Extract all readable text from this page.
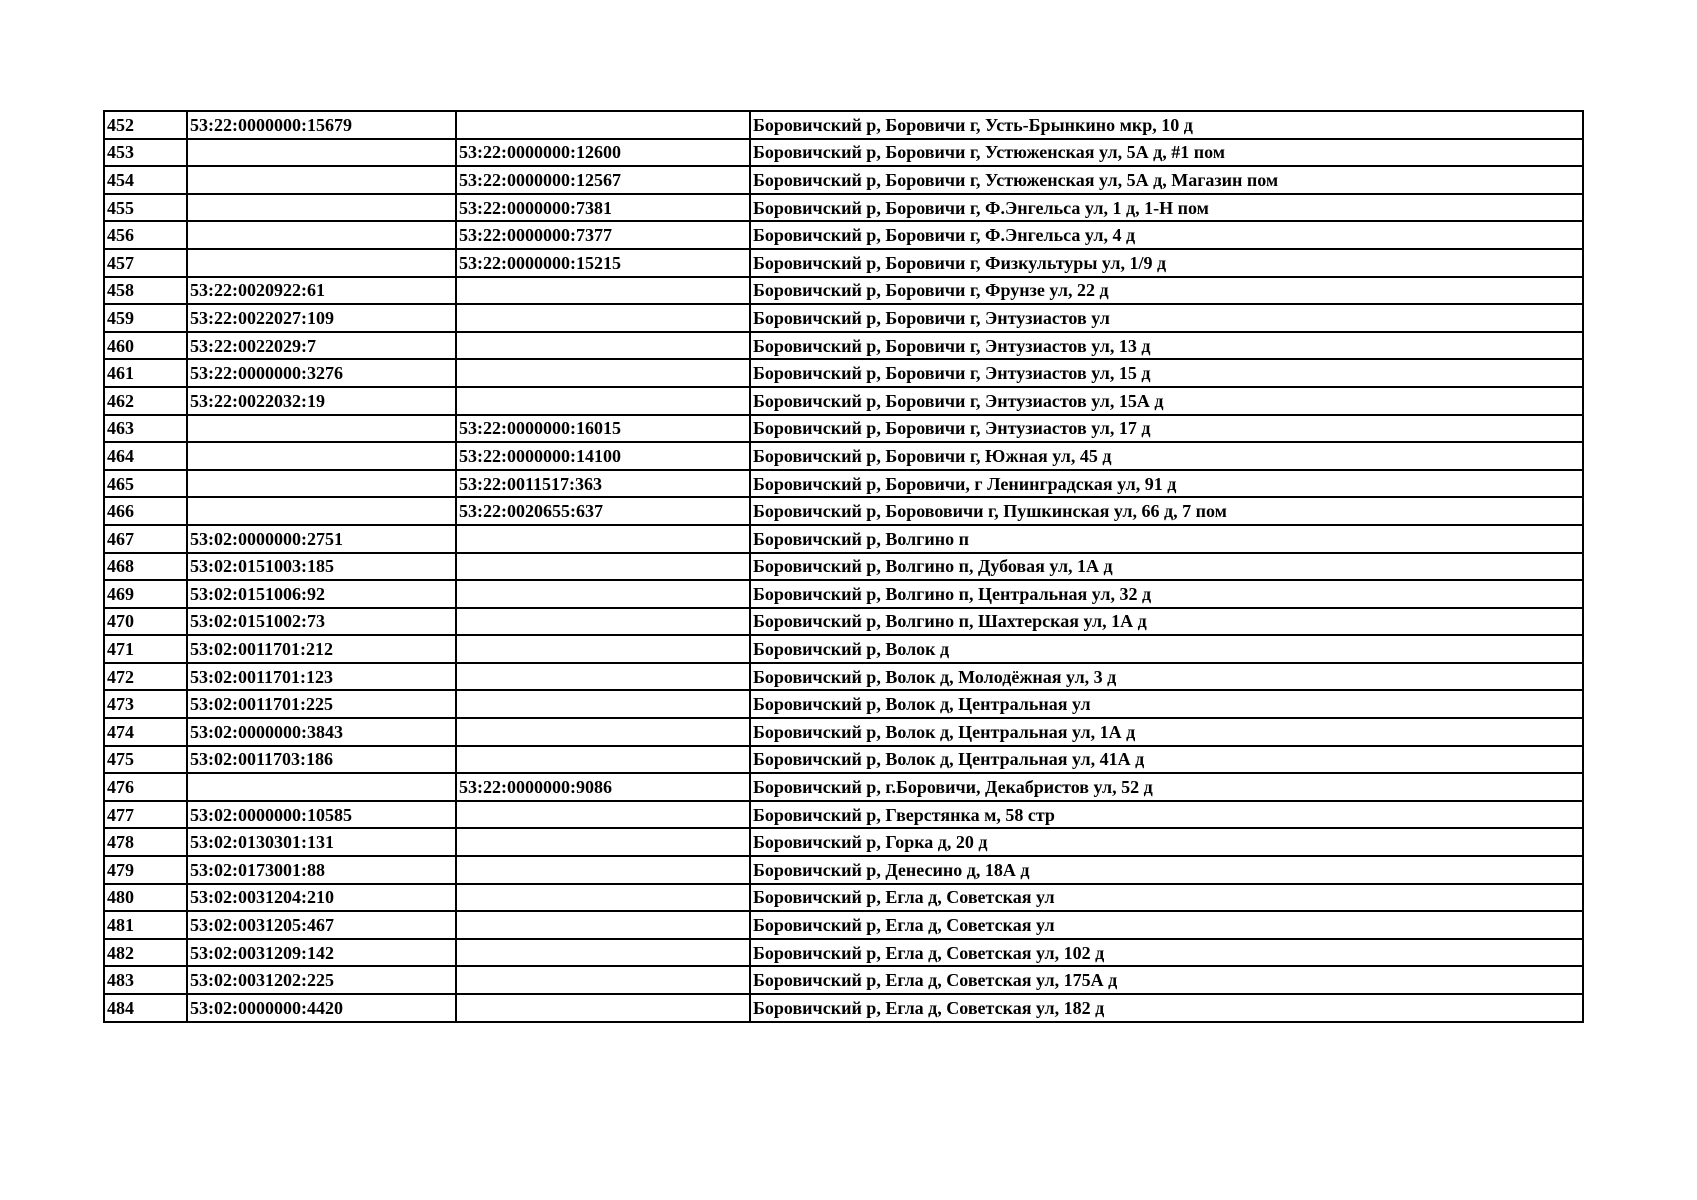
452	53:22:0000000:15679		Боровичский р, Боровичи г, Усть-Брынкино мкр, 10 д
453		53:22:0000000:12600	Боровичский р, Боровичи г, Устюженская ул, 5А д, #1 пом
454		53:22:0000000:12567	Боровичский р, Боровичи г, Устюженская ул, 5А д, Магазин пом
455		53:22:0000000:7381	Боровичский р, Боровичи г, Ф.Энгельса ул, 1 д, 1-Н пом
456		53:22:0000000:7377	Боровичский р, Боровичи г, Ф.Энгельса ул, 4 д
457		53:22:0000000:15215	Боровичский р, Боровичи г, Физкультуры ул, 1/9 д
458	53:22:0020922:61		Боровичский р, Боровичи г, Фрунзе ул, 22 д
459	53:22:0022027:109		Боровичский р, Боровичи г, Энтузиастов ул
460	53:22:0022029:7		Боровичский р, Боровичи г, Энтузиастов ул, 13 д
461	53:22:0000000:3276		Боровичский р, Боровичи г, Энтузиастов ул, 15 д
462	53:22:0022032:19		Боровичский р, Боровичи г, Энтузиастов ул, 15А д
463		53:22:0000000:16015	Боровичский р, Боровичи г, Энтузиастов ул, 17 д
464		53:22:0000000:14100	Боровичский р, Боровичи г, Южная ул, 45 д
465		53:22:0011517:363	Боровичский р, Боровичи, г Ленинградская ул, 91 д
466		53:22:0020655:637	Боровичский р, Борововичи г, Пушкинская ул, 66 д, 7 пом
467	53:02:0000000:2751		Боровичский р, Волгино п
468	53:02:0151003:185		Боровичский р, Волгино п, Дубовая ул, 1А д
469	53:02:0151006:92		Боровичский р, Волгино п, Центральная ул, 32 д
470	53:02:0151002:73		Боровичский р, Волгино п, Шахтерская ул, 1А д
471	53:02:0011701:212		Боровичский р, Волок д
472	53:02:0011701:123		Боровичский р, Волок д, Молодёжная ул, 3 д
473	53:02:0011701:225		Боровичский р, Волок д, Центральная ул
474	53:02:0000000:3843		Боровичский р, Волок д, Центральная ул, 1А д
475	53:02:0011703:186		Боровичский р, Волок д, Центральная ул, 41А д
476		53:22:0000000:9086	Боровичский р, г.Боровичи, Декабристов ул, 52 д
477	53:02:0000000:10585		Боровичский р, Гверстянка м, 58 стр
478	53:02:0130301:131		Боровичский р, Горка д, 20 д
479	53:02:0173001:88		Боровичский р, Денесино д, 18А д
480	53:02:0031204:210		Боровичский р, Егла д, Советская ул
481	53:02:0031205:467		Боровичский р, Егла д, Советская ул
482	53:02:0031209:142		Боровичский р, Егла д, Советская ул, 102 д
483	53:02:0031202:225		Боровичский р, Егла д, Советская ул, 175А д
484	53:02:0000000:4420		Боровичский р, Егла д, Советская ул, 182 д
